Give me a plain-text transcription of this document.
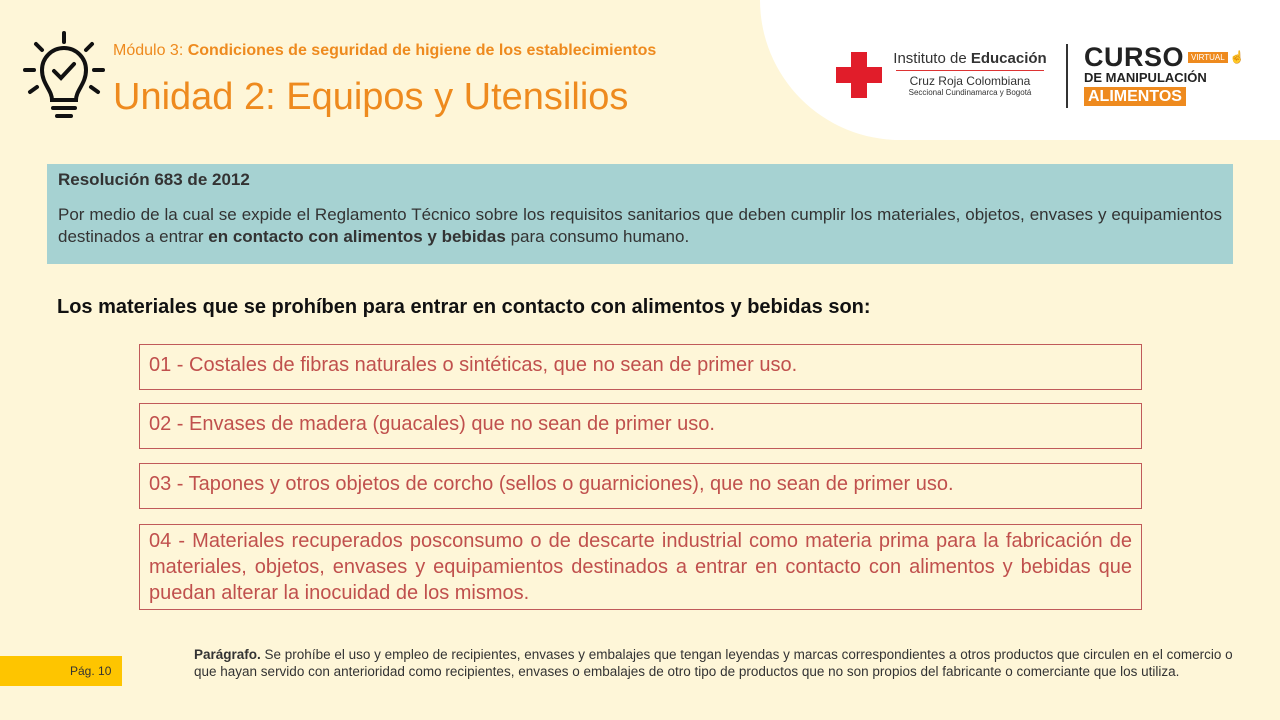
Módulo 3: Condiciones de seguridad de higiene de los establecimientos
Unidad 2: Equipos y Utensilios
Instituto de Educación
Cruz Roja Colombiana
Seccional Cundinamarca y Bogotá
CURSO VIRTUAL ☝
DE MANIPULACIÓN
ALIMENTOS
Resolución 683 de 2012
Por medio de la cual se expide el Reglamento Técnico sobre los requisitos sanitarios que deben cumplir los materiales, objetos, envases y equipamientos destinados a entrar en contacto con alimentos y bebidas para consumo humano.
Los materiales que se prohíben para entrar en contacto con alimentos y bebidas son:
01 - Costales de fibras naturales o sintéticas, que no sean de primer uso.
02 - Envases de madera (guacales) que no sean de primer uso.
03 - Tapones y otros objetos de corcho (sellos o guarniciones), que no sean de primer uso.
04 - Materiales recuperados posconsumo o de descarte industrial como materia prima para la fabricación de materiales, objetos, envases y equipamientos destinados a entrar en contacto con alimentos y bebidas que puedan alterar la inocuidad de los mismos.
Pág. 10
Parágrafo. Se prohíbe el uso y empleo de recipientes, envases y embalajes que tengan leyendas y marcas correspondientes a otros productos que circulen en el comercio o que hayan servido con anterioridad como recipientes, envases o embalajes de otro tipo de productos que no son propios del fabricante o comerciante que los utiliza.
